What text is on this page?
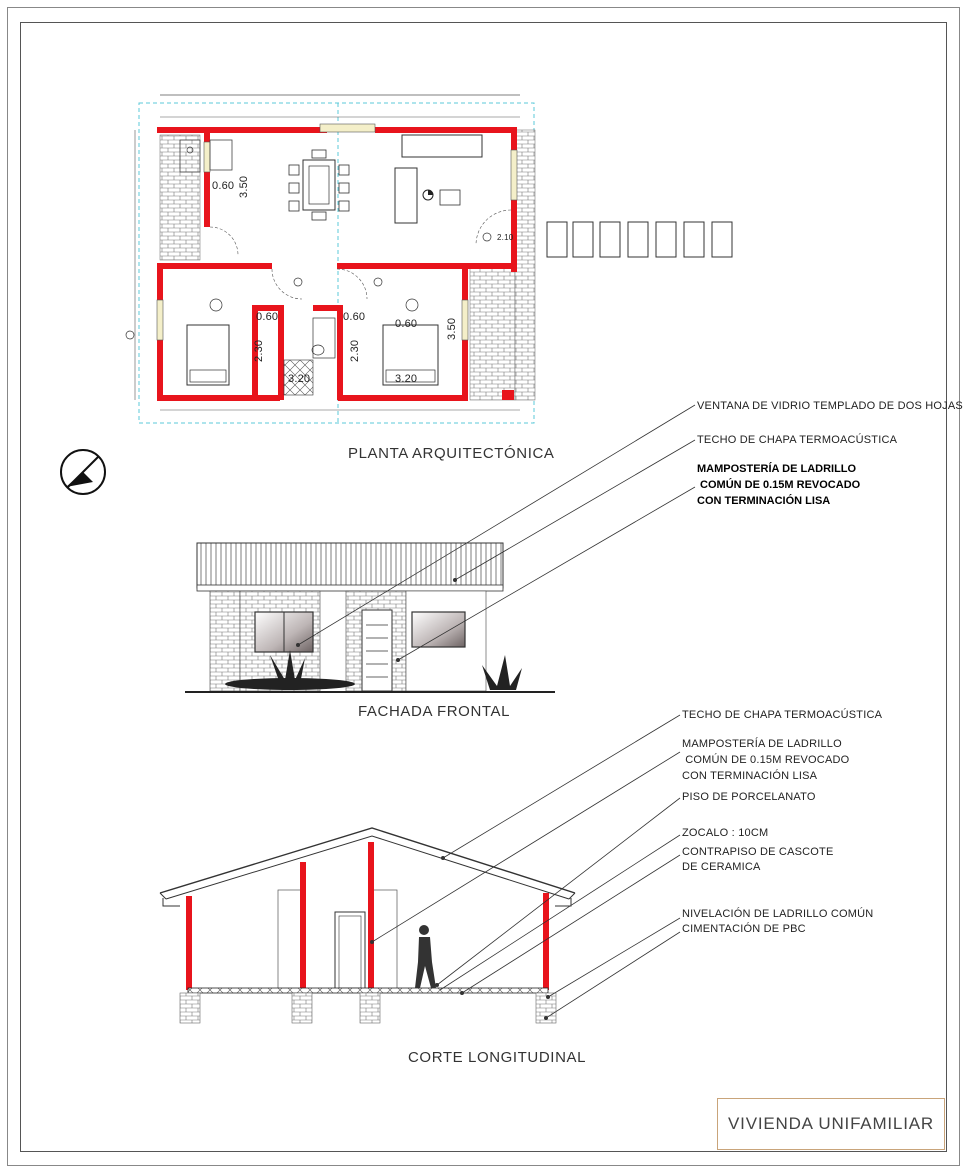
0.60 3.50
0.60
2.10
0.60
2.30
3.20
0.60
2.30
3.20
3.50
PLANTA ARQUITECTÓNICA
FACHADA FRONTAL
VENTANA DE VIDRIO TEMPLADO DE DOS HOJAS
TECHO DE CHAPA TERMOACÚSTICA
MAMPOSTERÍA DE LADRILLO
COMÚN DE 0.15M REVOCADO
CON TERMINACIÓN LISA
CORTE LONGITUDINAL
TECHO DE CHAPA TERMOACÚSTICA
MAMPOSTERÍA DE LADRILLO
COMÚN DE 0.15M REVOCADO
CON TERMINACIÓN LISA
PISO DE PORCELANATO
ZOCALO : 10CM
CONTRAPISO DE CASCOTE
DE CERAMICA
NIVELACIÓN DE LADRILLO COMÚN
CIMENTACIÓN DE PBC
VIVIENDA UNIFAMILIAR
